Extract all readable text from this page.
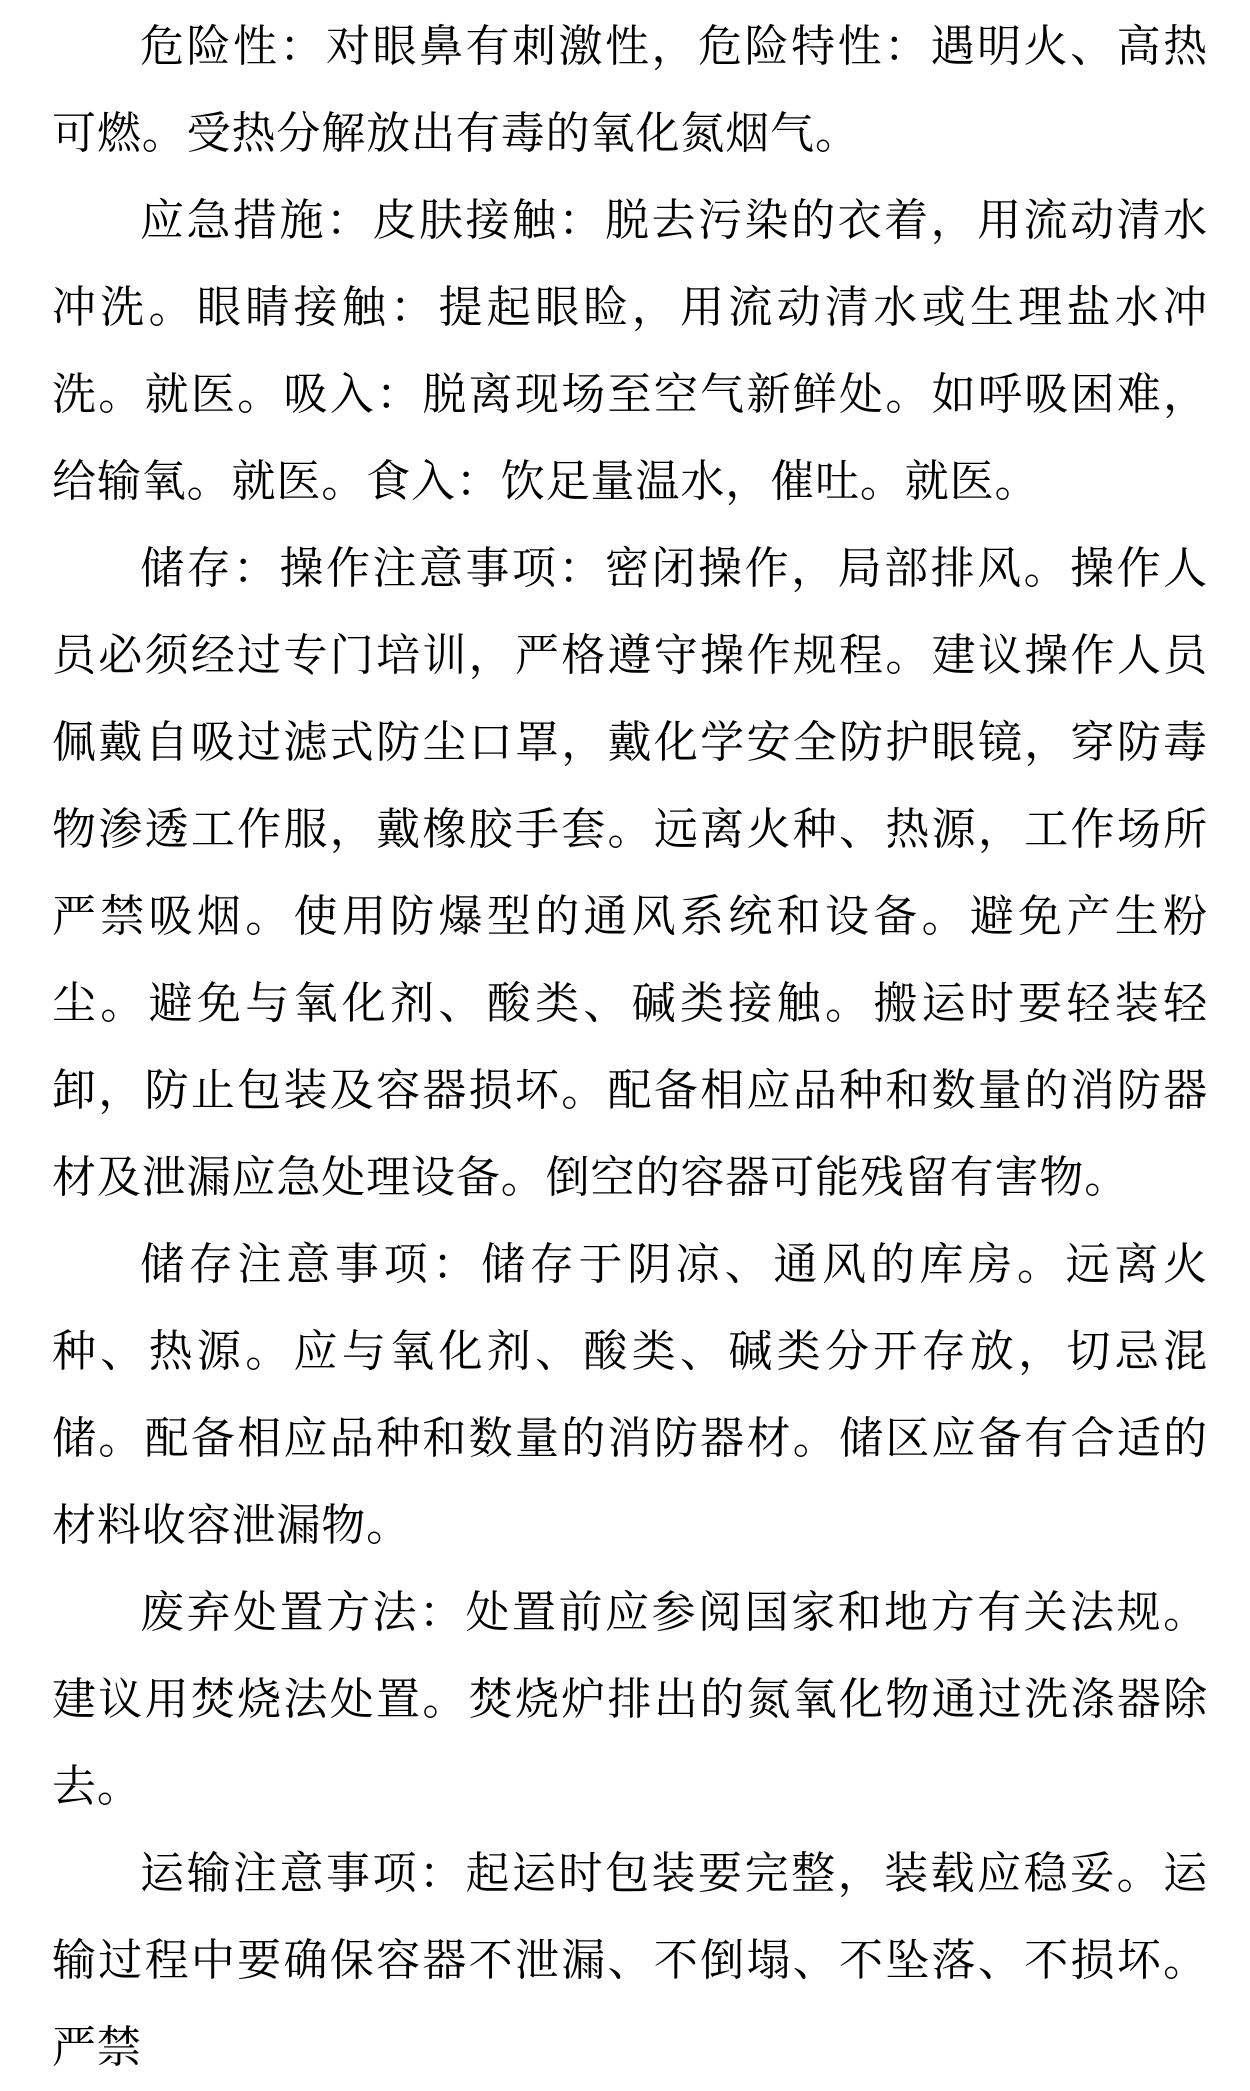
危险性：对眼鼻有刺激性，危险特性：遇明火、高热可燃。受热分解放出有毒的氧化氮烟气。

应急措施：皮肤接触：脱去污染的衣着，用流动清水冲洗。眼睛接触：提起眼睑，用流动清水或生理盐水冲洗。就医。吸入：脱离现场至空气新鲜处。如呼吸困难，给输氧。就医。食入：饮足量温水，催吐。就医。

储存：操作注意事项：密闭操作，局部排风。操作人员必须经过专门培训，严格遵守操作规程。建议操作人员佩戴自吸过滤式防尘口罩，戴化学安全防护眼镜，穿防毒物渗透工作服，戴橡胶手套。远离火种、热源，工作场所严禁吸烟。使用防爆型的通风系统和设备。避免产生粉尘。避免与氧化剂、酸类、碱类接触。搬运时要轻装轻卸，防止包装及容器损坏。配备相应品种和数量的消防器材及泄漏应急处理设备。倒空的容器可能残留有害物。

储存注意事项：储存于阴凉、通风的库房。远离火种、热源。应与氧化剂、酸类、碱类分开存放，切忌混储。配备相应品种和数量的消防器材。储区应备有合适的材料收容泄漏物。

废弃处置方法：处置前应参阅国家和地方有关法规。建议用焚烧法处置。焚烧炉排出的氮氧化物通过洗涤器除去。

运输注意事项：起运时包装要完整，装载应稳妥。运输过程中要确保容器不泄漏、不倒塌、不坠落、不损坏。严禁
